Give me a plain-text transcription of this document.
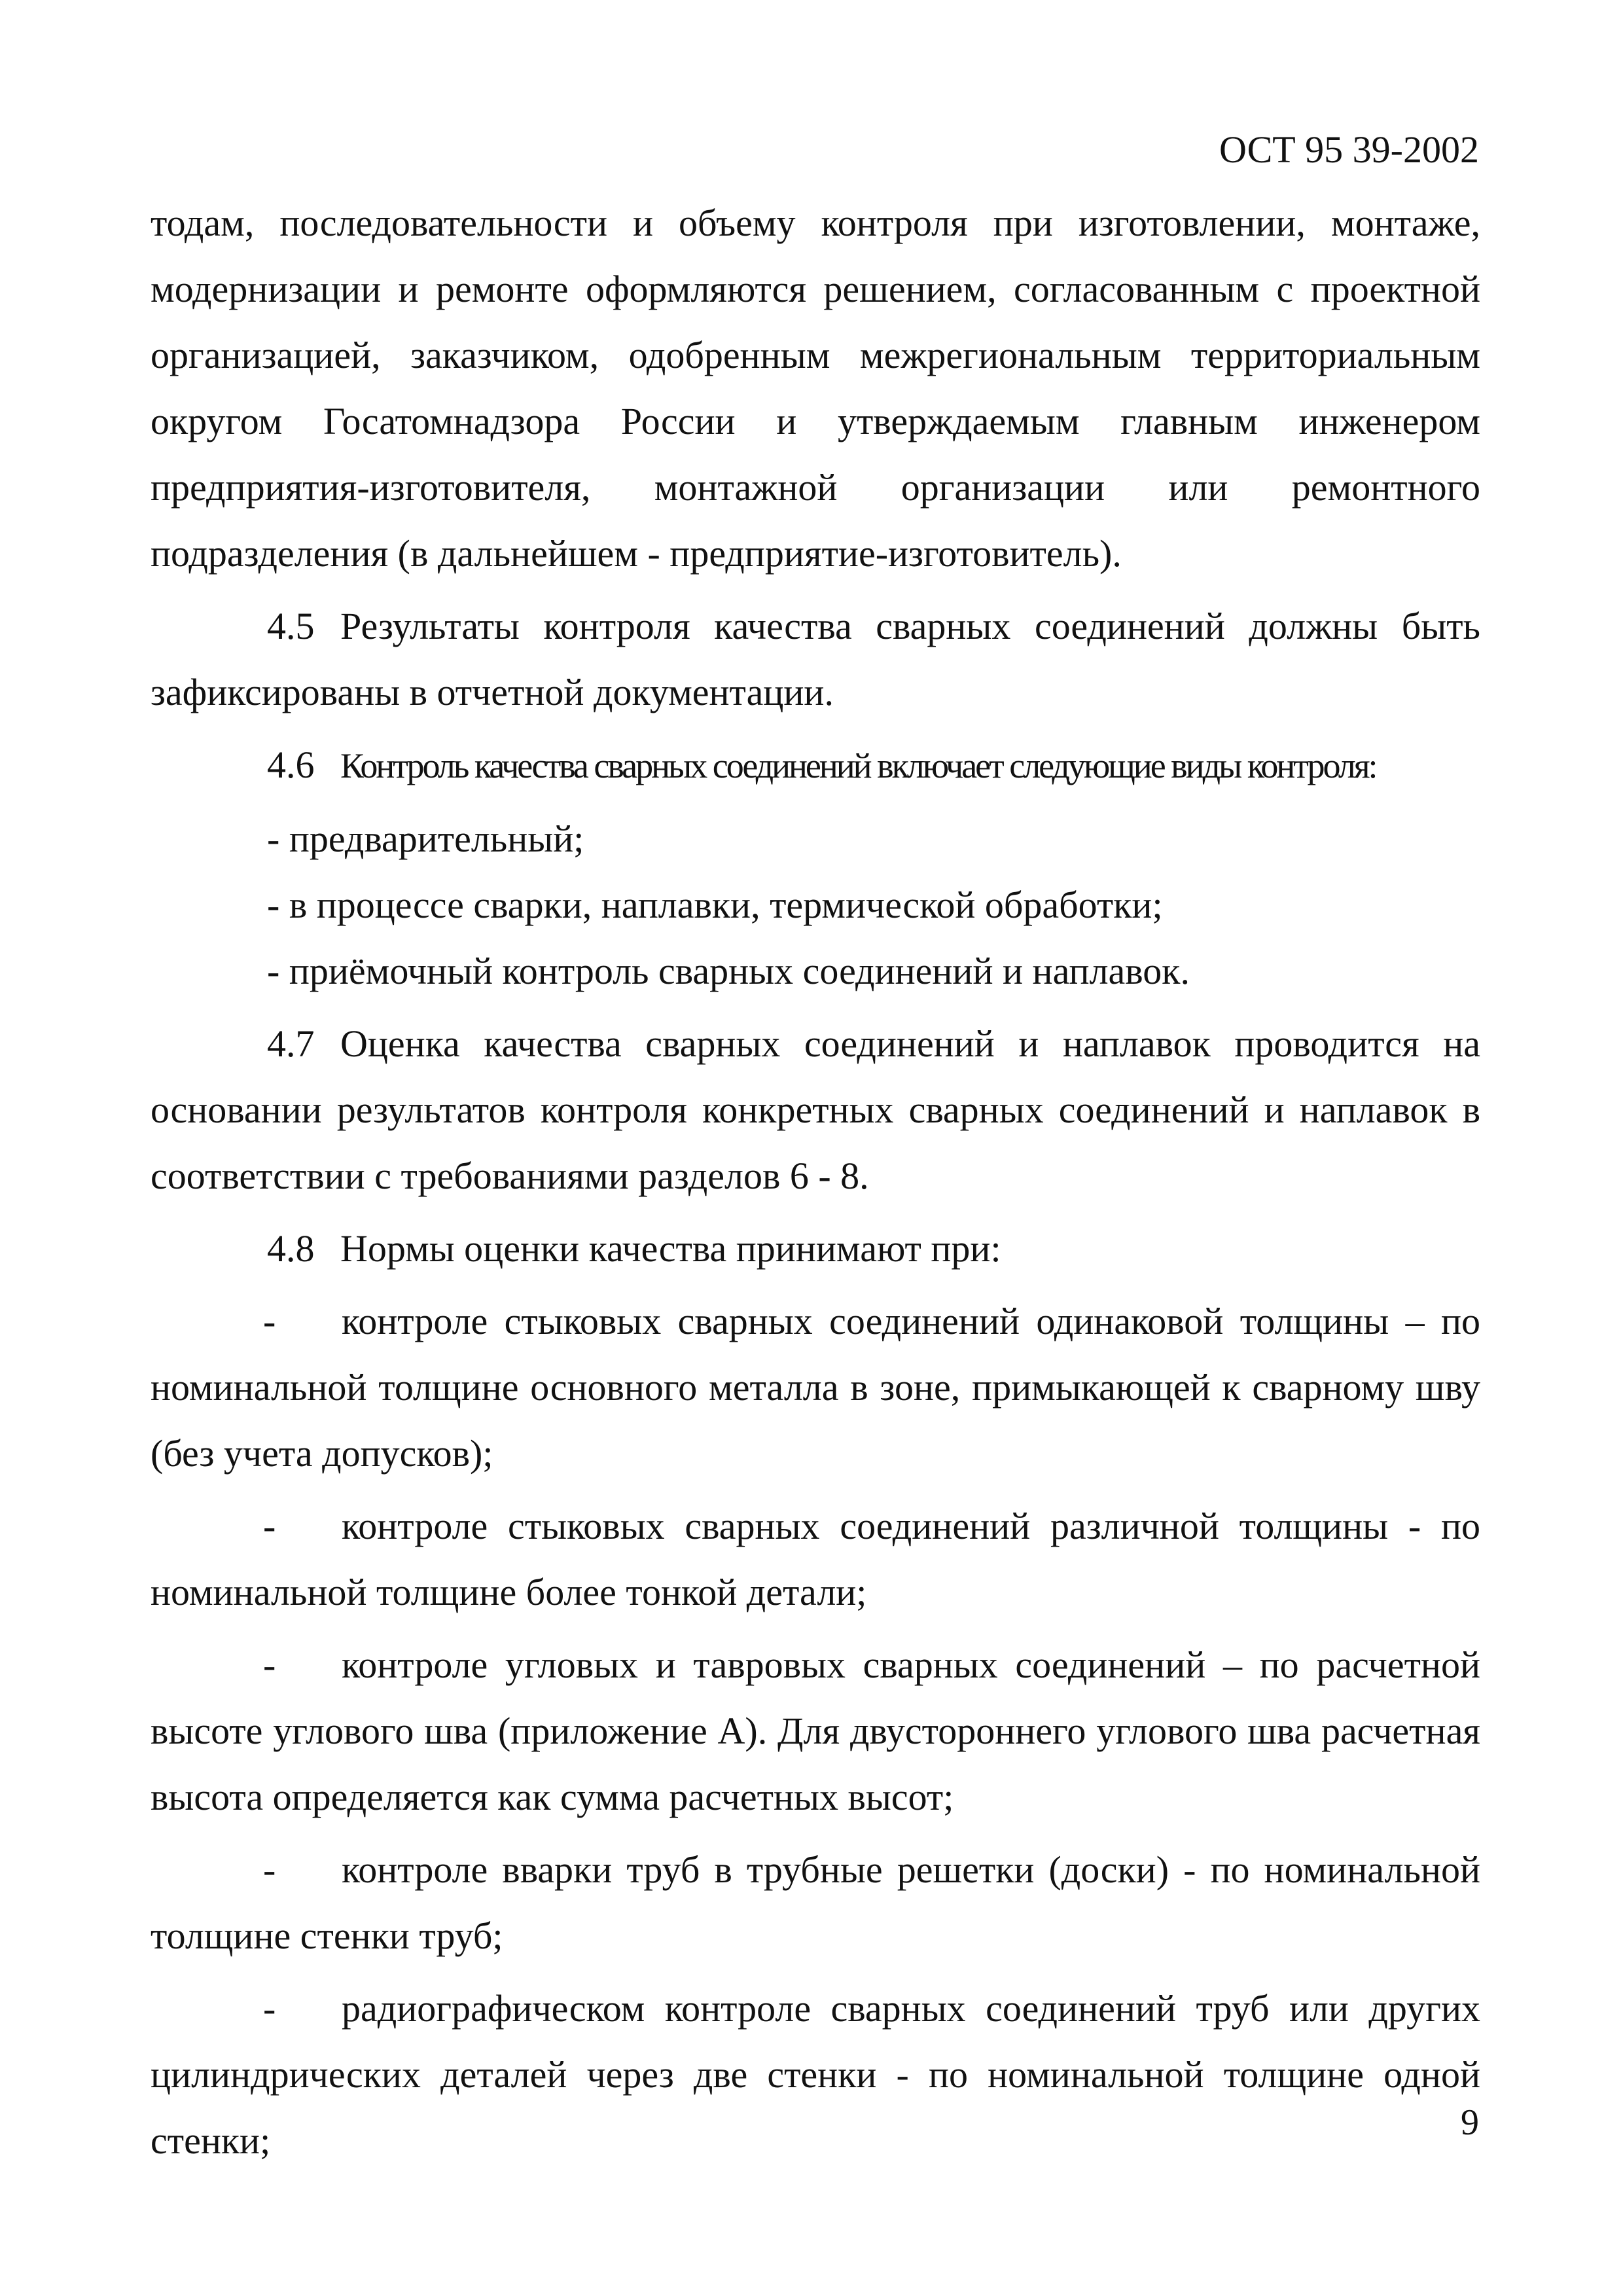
ОСТ 95 39-2002

тодам, последовательности и объему контроля при изготовлении, монтаже, модернизации и ремонте оформляются решением, согласованным с проектной организацией, заказчиком, одобренным межрегиональным территориальным округом Госатомнадзора России и утверждаемым главным инженером предприятия-изготовителя, монтажной организации или ремонтного подразделения (в дальнейшем - предприятие-изготовитель).

4.5 Результаты контроля качества сварных соединений должны быть зафиксированы в отчетной документации.

4.6 Контроль качества сварных соединений включает следующие виды контроля:

- предварительный;

- в процессе сварки, наплавки, термической обработки;

- приёмочный контроль сварных соединений и наплавок.

4.7 Оценка качества сварных соединений и наплавок проводится на основании результатов контроля конкретных сварных соединений и наплавок в соответствии с требованиями разделов 6 - 8.

4.8 Нормы оценки качества принимают при:

- контроле стыковых сварных соединений одинаковой толщины – по номинальной толщине основного металла в зоне, примыкающей к сварному шву (без учета допусков);

- контроле стыковых сварных соединений различной толщины - по номинальной толщине более тонкой детали;

- контроле угловых и тавровых сварных соединений – по расчетной высоте углового шва (приложение А). Для двустороннего углового шва расчетная высота определяется как сумма расчетных высот;

- контроле вварки труб в трубные решетки (доски) - по номинальной толщине стенки труб;

- радиографическом контроле сварных соединений труб или других цилиндрических деталей через две стенки - по номинальной толщине одной стенки;	9
